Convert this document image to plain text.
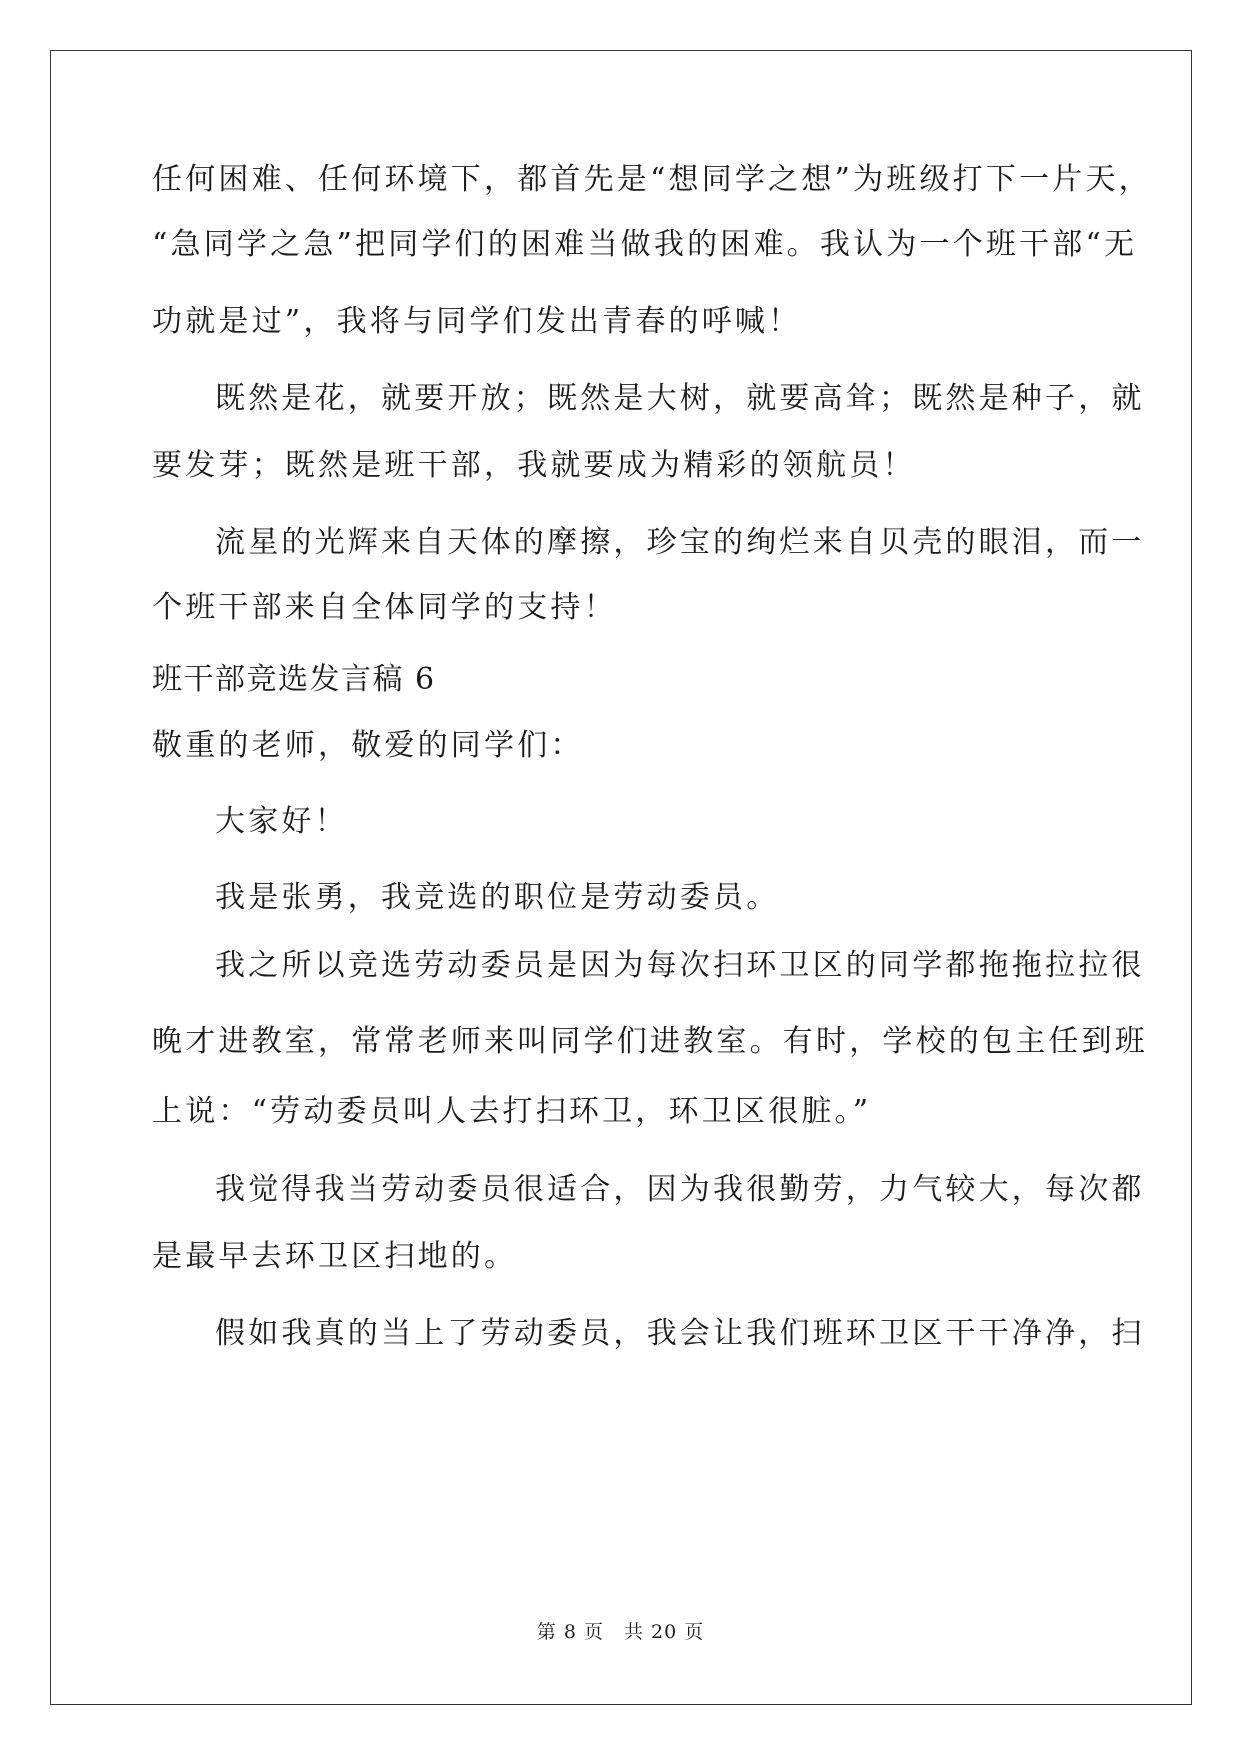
任何困难、任何环境下，都首先是“想同学之想”为班级打下一片天，
“急同学之急”把同学们的困难当做我的困难。我认为一个班干部“无
功就是过”，我将与同学们发出青春的呼喊！
既然是花，就要开放；既然是大树，就要高耸；既然是种子，就
要发芽；既然是班干部，我就要成为精彩的领航员！
流星的光辉来自天体的摩擦，珍宝的绚烂来自贝壳的眼泪，而一
个班干部来自全体同学的支持！
班干部竞选发言稿 6
敬重的老师，敬爱的同学们：
大家好！
我是张勇，我竞选的职位是劳动委员。
我之所以竞选劳动委员是因为每次扫环卫区的同学都拖拖拉拉很
晚才进教室，常常老师来叫同学们进教室。有时，学校的包主任到班
上说：“劳动委员叫人去打扫环卫，环卫区很脏。”
我觉得我当劳动委员很适合，因为我很勤劳，力气较大，每次都
是最早去环卫区扫地的。
假如我真的当上了劳动委员，我会让我们班环卫区干干净净，扫
第 8 页　共 20 页
